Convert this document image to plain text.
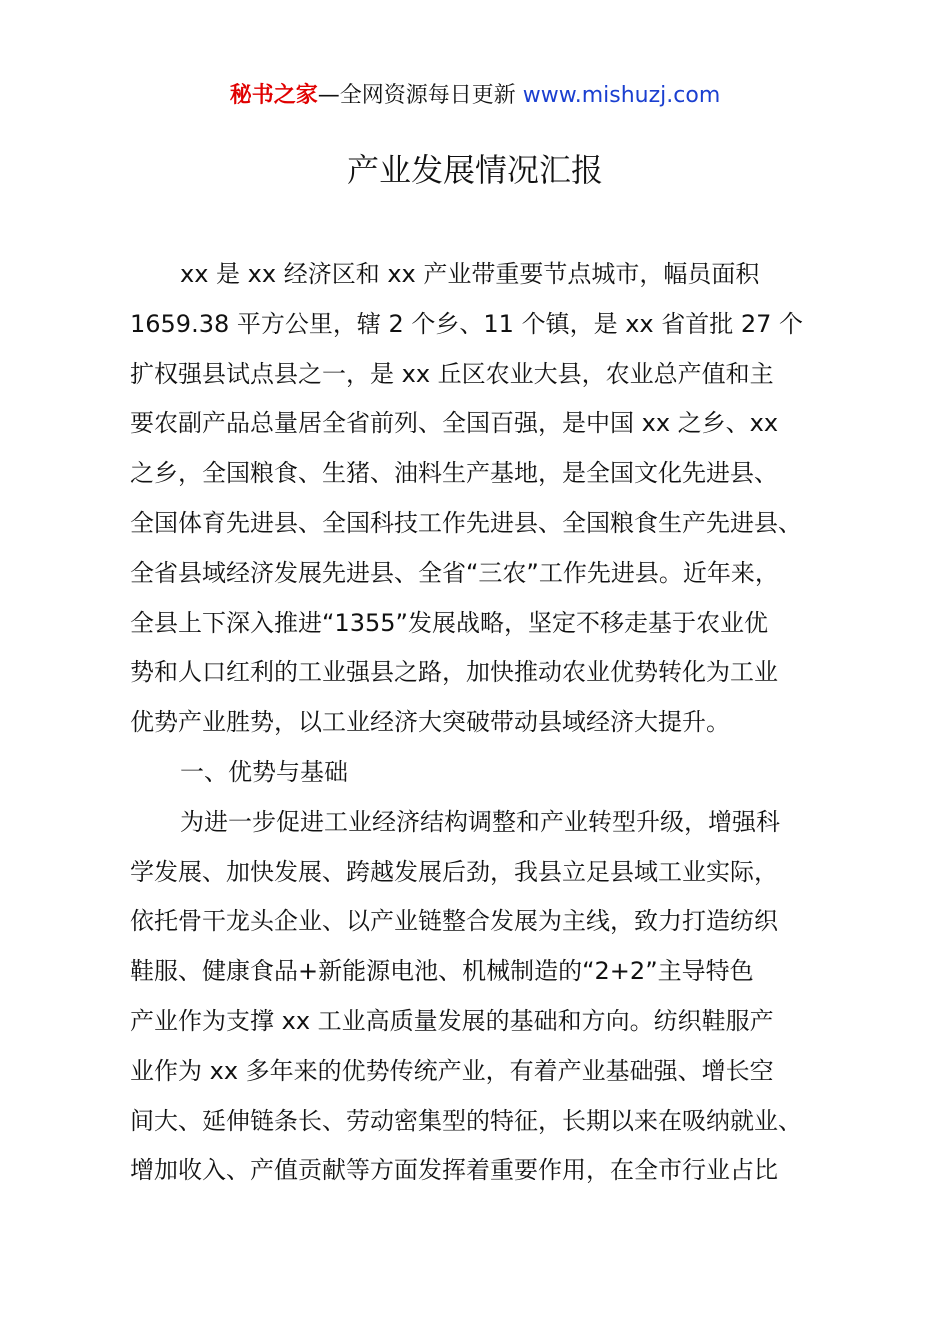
秘书之家—全网资源每日更新 www.mishuzj.com
产业发展情况汇报
xx 是 xx 经济区和 xx 产业带重要节点城市，幅员面积
1659.38 平方公里，辖 2 个乡、11 个镇，是 xx 省首批 27 个
扩权强县试点县之一，是 xx 丘区农业大县，农业总产值和主
要农副产品总量居全省前列、全国百强，是中国 xx 之乡、xx
之乡，全国粮食、生猪、油料生产基地，是全国文化先进县、
全国体育先进县、全国科技工作先进县、全国粮食生产先进县、
全省县域经济发展先进县、全省“三农”工作先进县。近年来，
全县上下深入推进“1355”发展战略，坚定不移走基于农业优
势和人口红利的工业强县之路，加快推动农业优势转化为工业
优势产业胜势，以工业经济大突破带动县域经济大提升。
一、优势与基础
为进一步促进工业经济结构调整和产业转型升级，增强科
学发展、加快发展、跨越发展后劲，我县立足县域工业实际，
依托骨干龙头企业、以产业链整合发展为主线，致力打造纺织
鞋服、健康食品+新能源电池、机械制造的“2+2”主导特色
产业作为支撑 xx 工业高质量发展的基础和方向。纺织鞋服产
业作为 xx 多年来的优势传统产业，有着产业基础强、增长空
间大、延伸链条长、劳动密集型的特征，长期以来在吸纳就业、
增加收入、产值贡献等方面发挥着重要作用，在全市行业占比
